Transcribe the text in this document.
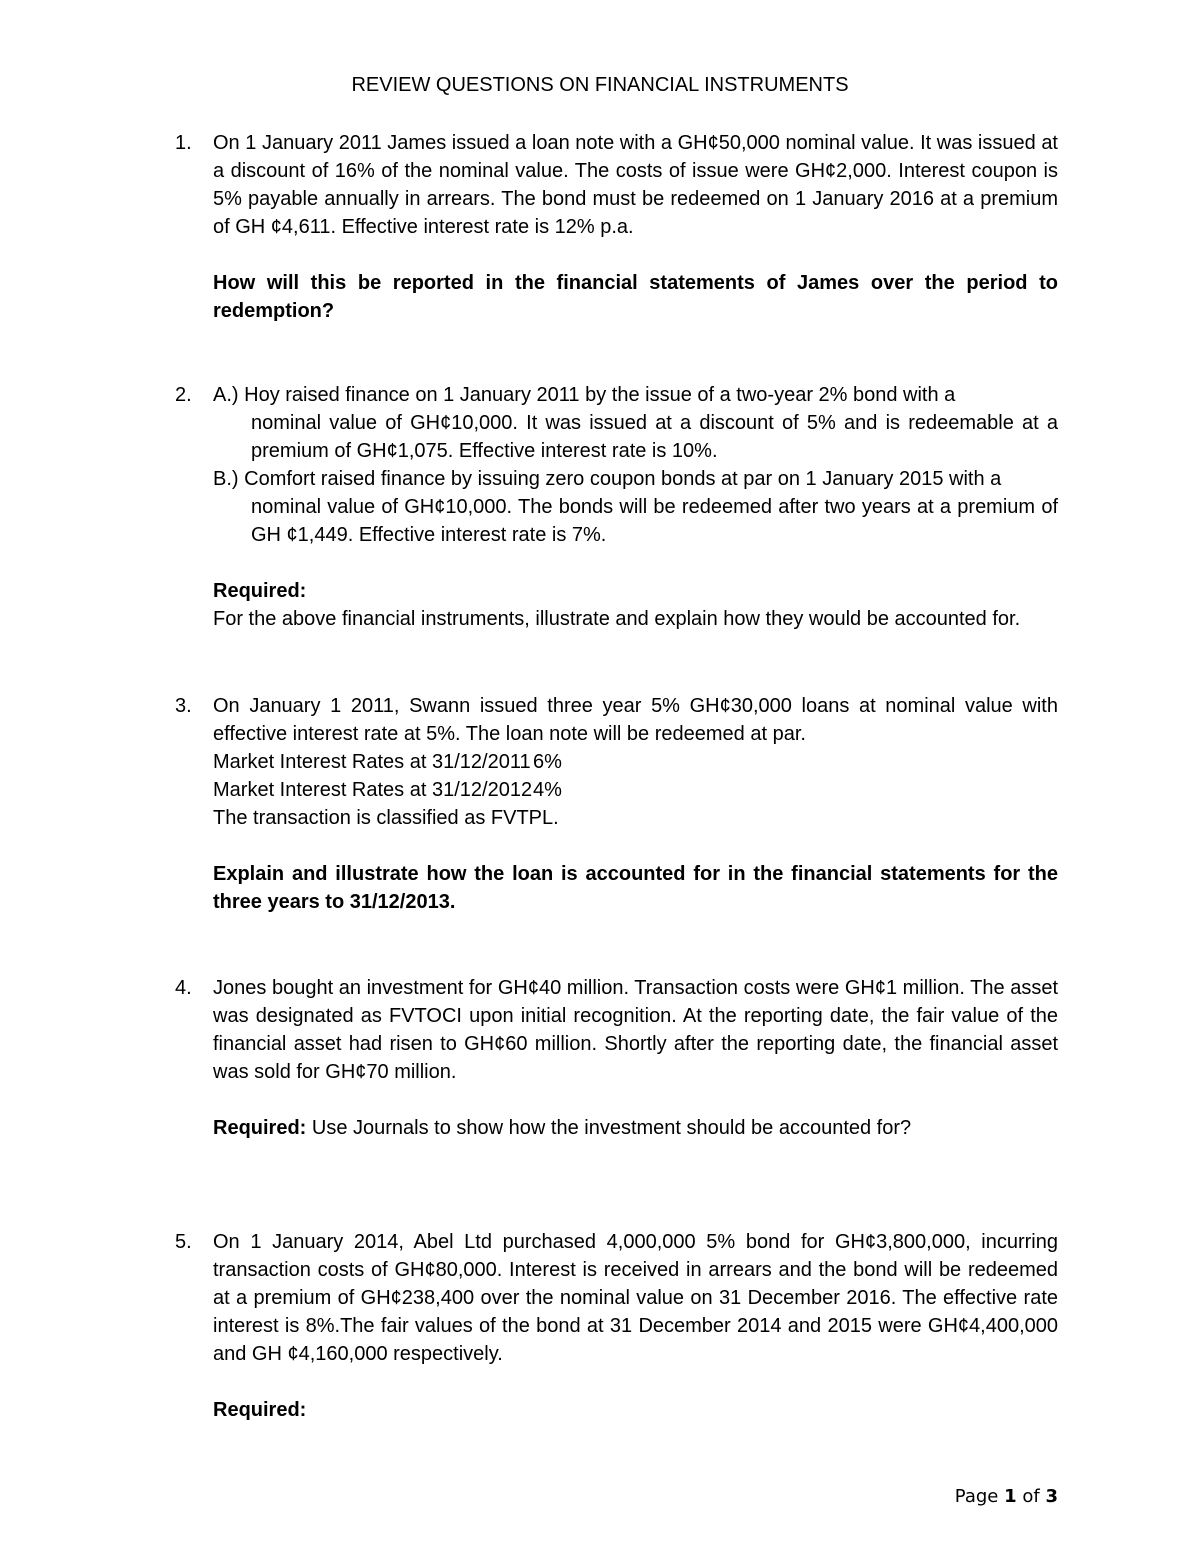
REVIEW QUESTIONS ON FINANCIAL INSTRUMENTS
1. On 1 January 2011 James issued a loan note with a GH¢50,000 nominal value. It was issued at a discount of 16% of the nominal value. The costs of issue were GH¢2,000. Interest coupon is 5% payable annually in arrears. The bond must be redeemed on 1 January 2016 at a premium of GH ¢4,611. Effective interest rate is 12% p.a.
How will this be reported in the financial statements of James over the period to redemption?
2. A.) Hoy raised finance on 1 January 2011 by the issue of a two-year 2% bond with a
nominal value of GH¢10,000. It was issued at a discount of 5% and is redeemable at a premium of GH¢1,075. Effective interest rate is 10%.
B.) Comfort raised finance by issuing zero coupon bonds at par on 1 January 2015 with a
nominal value of GH¢10,000. The bonds will be redeemed after two years at a premium of GH ¢1,449. Effective interest rate is 7%.
Required:
For the above financial instruments, illustrate and explain how they would be accounted for.
3. On January 1 2011, Swann issued three year 5% GH¢30,000 loans at nominal value with effective interest rate at 5%. The loan note will be redeemed at par.
Market Interest Rates at 31/12/2011 6%
Market Interest Rates at 31/12/20124%
The transaction is classified as FVTPL.
Explain and illustrate how the loan is accounted for in the financial statements for the three years to 31/12/2013.
4. Jones bought an investment for GH¢40 million. Transaction costs were GH¢1 million. The asset was designated as FVTOCI upon initial recognition. At the reporting date, the fair value of the financial asset had risen to GH¢60 million. Shortly after the reporting date, the financial asset was sold for GH¢70 million.
Required: Use Journals to show how the investment should be accounted for?
5. On 1 January 2014, Abel Ltd purchased 4,000,000 5% bond for GH¢3,800,000, incurring transaction costs of GH¢80,000. Interest is received in arrears and the bond will be redeemed at a premium of GH¢238,400 over the nominal value on 31 December 2016. The effective rate interest is 8%.The fair values of the bond at 31 December 2014 and 2015 were GH¢4,400,000 and GH ¢4,160,000 respectively.
Required:
Page 1 of 3
